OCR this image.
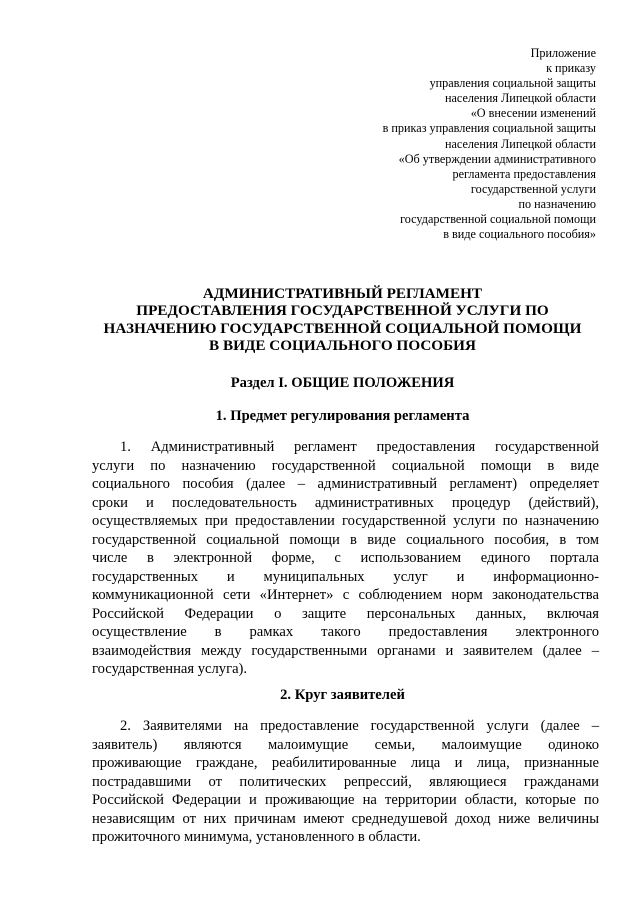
Приложение
к приказу
управления социальной защиты
населения Липецкой области
«О внесении изменений
в приказ управления социальной защиты
населения Липецкой области
«Об утверждении административного
регламента предоставления
государственной услуги
по назначению
государственной социальной помощи
в виде социального пособия»
АДМИНИСТРАТИВНЫЙ РЕГЛАМЕНТ
ПРЕДОСТАВЛЕНИЯ ГОСУДАРСТВЕННОЙ УСЛУГИ ПО
НАЗНАЧЕНИЮ ГОСУДАРСТВЕННОЙ СОЦИАЛЬНОЙ ПОМОЩИ
В ВИДЕ СОЦИАЛЬНОГО ПОСОБИЯ
Раздел I. ОБЩИЕ ПОЛОЖЕНИЯ
1. Предмет регулирования регламента
1. Административный регламент предоставления государственной
услуги по назначению государственной социальной помощи в виде
социального пособия (далее – административный регламент) определяет
сроки и последовательность административных процедур (действий),
осуществляемых при предоставлении государственной услуги по назначению
государственной социальной помощи в виде социального пособия, в том
числе в электронной форме, с использованием единого портала
государственных и муниципальных услуг и информационно-
коммуникационной сети «Интернет» с соблюдением норм законодательства
Российской Федерации о защите персональных данных, включая
осуществление в рамках такого предоставления электронного
взаимодействия между государственными органами и заявителем (далее –
государственная услуга).
2. Круг заявителей
2. Заявителями на предоставление государственной услуги (далее –
заявитель) являются малоимущие семьи, малоимущие одиноко
проживающие граждане, реабилитированные лица и лица, признанные
пострадавшими от политических репрессий, являющиеся гражданами
Российской Федерации и проживающие на территории области, которые по
независящим от них причинам имеют среднедушевой доход ниже величины
прожиточного минимума, установленного в области.
